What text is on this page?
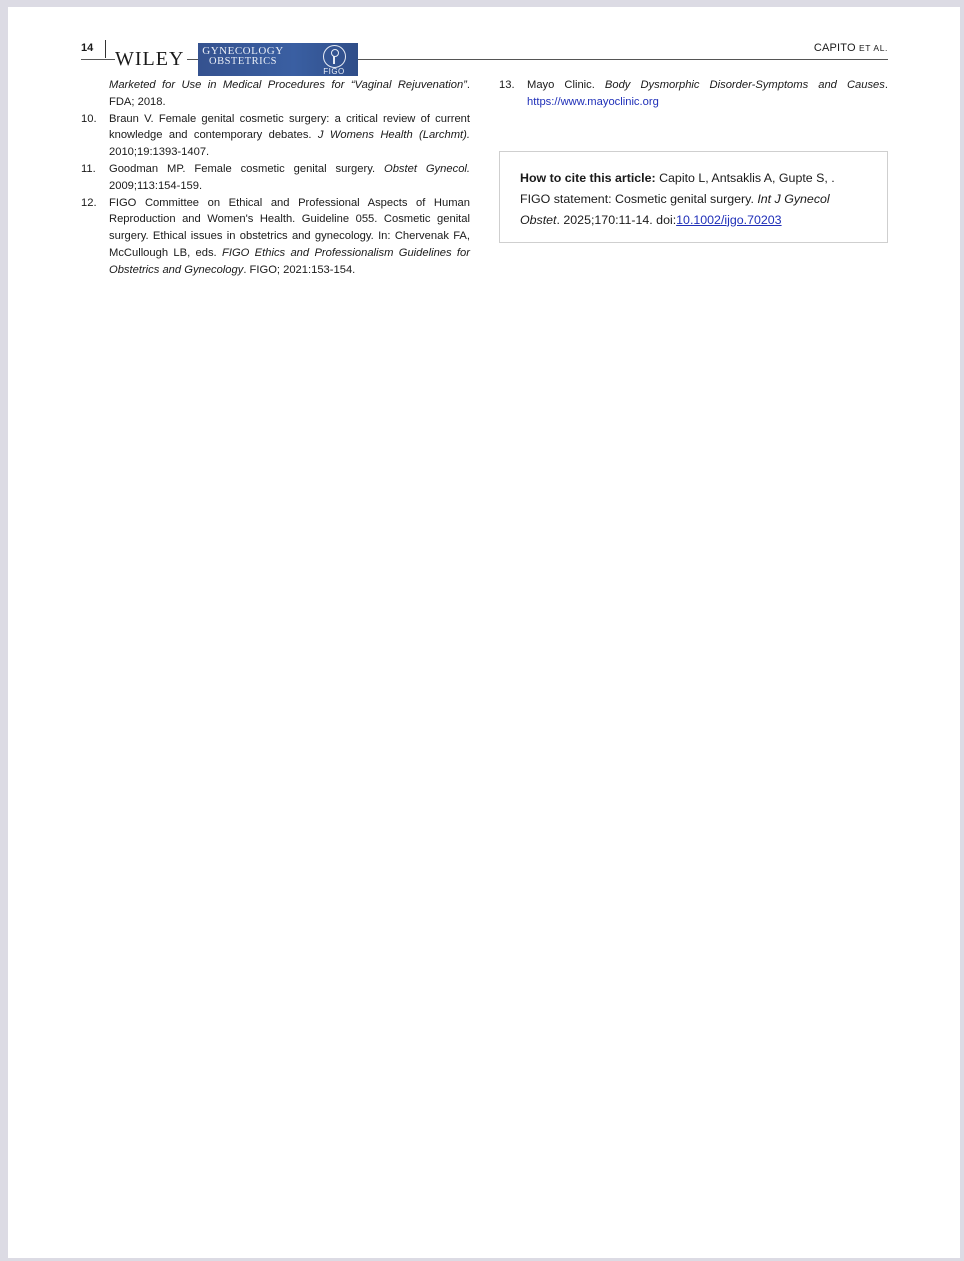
14 WILEY	GYNECOLOGY
OBSTETRICS
FIGO
CAPITO ET AL.
Marketed for Use in Medical Procedures for “Vaginal Rejuvenation”. FDA; 2018.
10. Braun V. Female genital cosmetic surgery: a critical review of current knowledge and contemporary debates. J Womens Health (Larchmt). 2010;19:1393-1407.
11. Goodman MP. Female cosmetic genital surgery. Obstet Gynecol. 2009;113:154-159.
12. FIGO Committee on Ethical and Professional Aspects of Human Reproduction and Women's Health. Guideline 055. Cosmetic genital surgery. Ethical issues in obstetrics and gynecology. In: Chervenak FA, McCullough LB, eds. FIGO Ethics and Professionalism Guidelines for Obstetrics and Gynecology. FIGO; 2021:153-154.
13. Mayo Clinic. Body Dysmorphic Disorder-Symptoms and Causes. https://www.mayoclinic.org
How to cite this article: Capito L, Antsaklis A, Gupte S, . FIGO statement: Cosmetic genital surgery. Int J Gynecol Obstet. 2025;170:11-14. doi:10.1002/ijgo.70203
